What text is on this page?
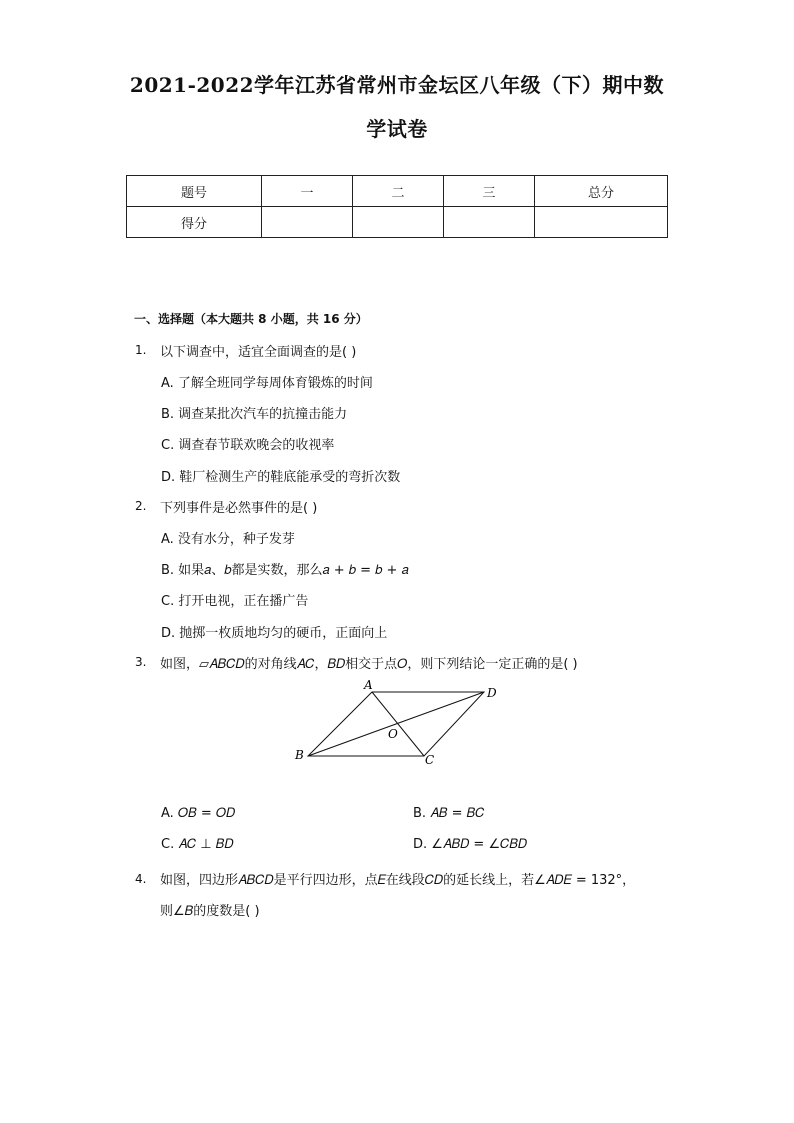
2021-2022学年江苏省常州市金坛区八年级（下）期中数
学试卷
题号	一	二	三	总分
得分				
一、选择题（本大题共 8 小题，共 16 分）
1. 以下调查中，适宜全面调查的是( )
A. 了解全班同学每周体育锻炼的时间
B. 调查某批次汽车的抗撞击能力
C. 调查春节联欢晚会的收视率
D. 鞋厂检测生产的鞋底能承受的弯折次数
2. 下列事件是必然事件的是( )
A. 没有水分，种子发芽
B. 如果𝑎、𝑏都是实数，那么𝑎 + 𝑏 = 𝑏 + 𝑎
C. 打开电视，正在播广告
D. 抛掷一枚质地均匀的硬币，正面向上
3. 如图，▱𝐴𝐵𝐶𝐷的对角线𝐴𝐶，𝐵𝐷相交于点𝑂，则下列结论一定正确的是( )
A
D
O
B	C
A. 𝑂𝐵 = 𝑂𝐷	B. 𝐴𝐵 = 𝐵𝐶
C. 𝐴𝐶 ⊥ 𝐵𝐷	D. ∠𝐴𝐵𝐷 = ∠𝐶𝐵𝐷
4. 如图，四边形𝐴𝐵𝐶𝐷是平行四边形，点𝐸在线段𝐶𝐷的延长线上，若∠𝐴𝐷𝐸 = 132°，
则∠𝐵的度数是( )
